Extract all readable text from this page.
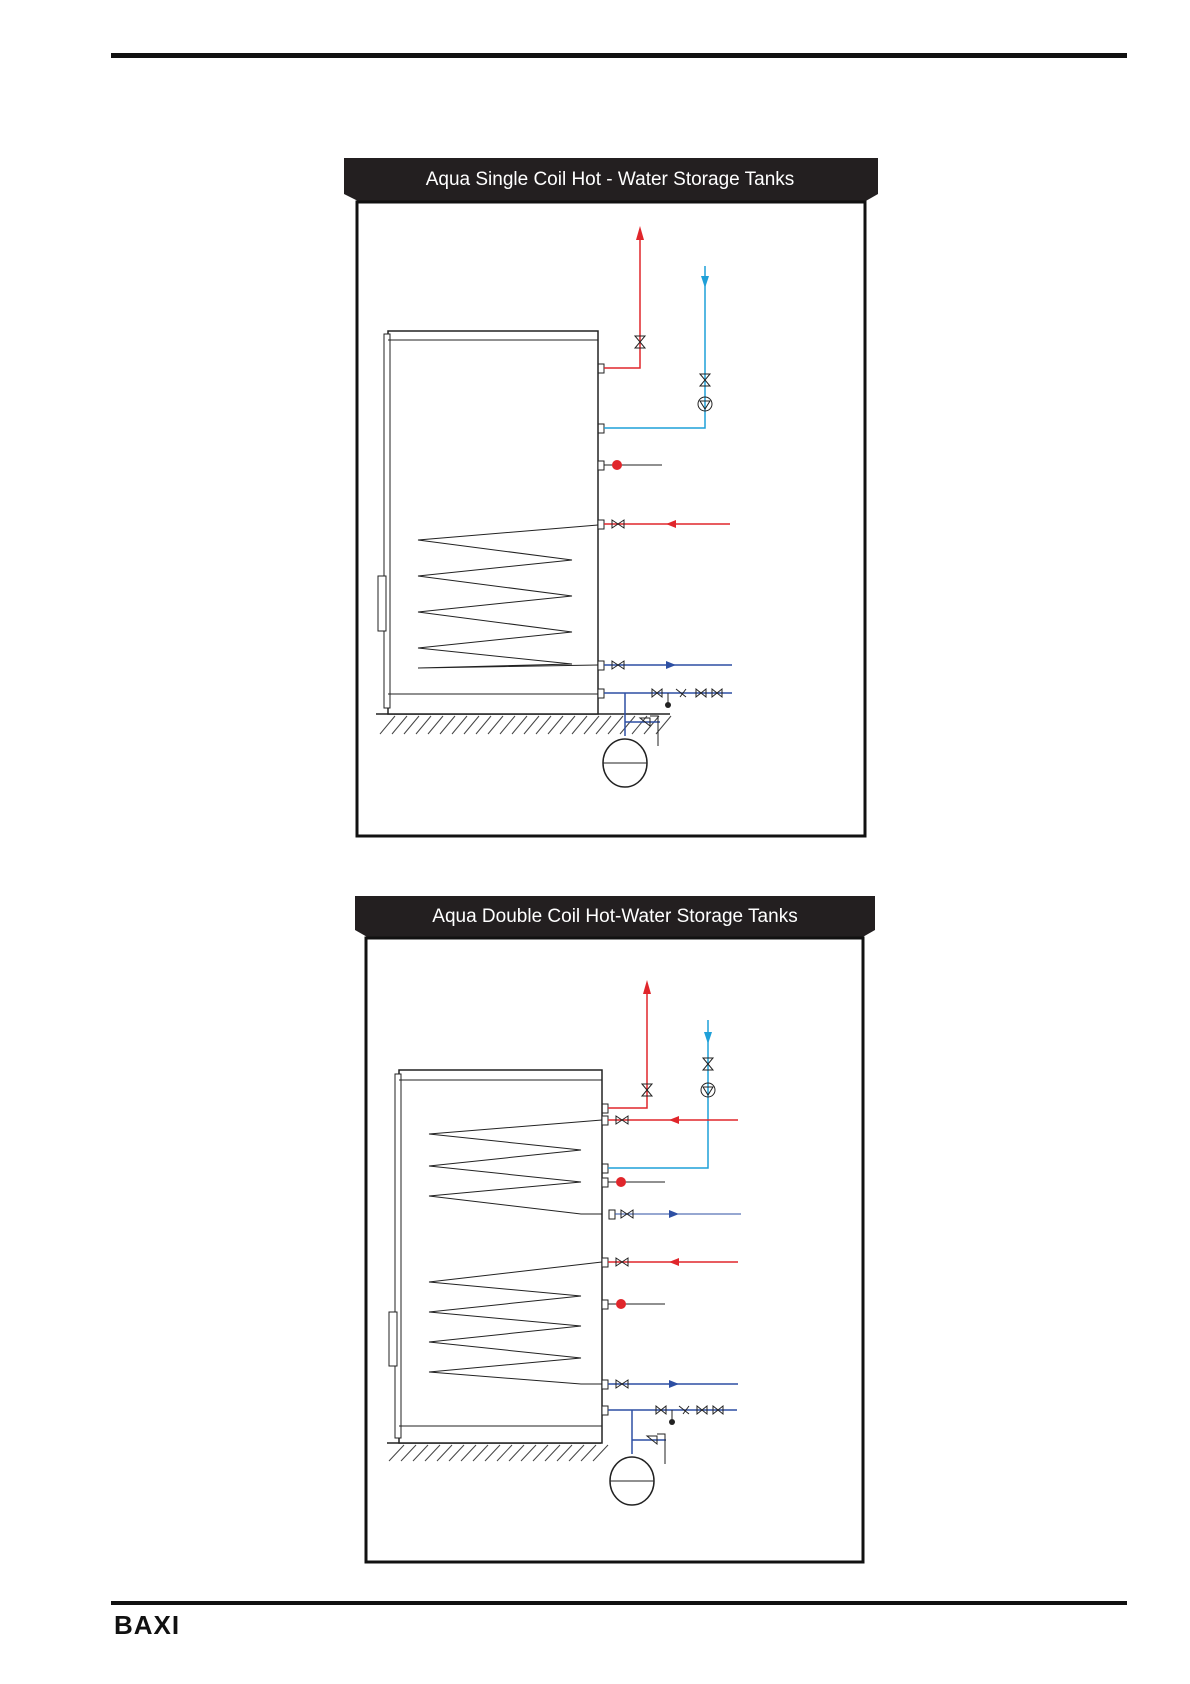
Aqua Single Coil Hot - Water Storage Tanks
Aqua Double Coil Hot-Water Storage Tanks
BAXI
